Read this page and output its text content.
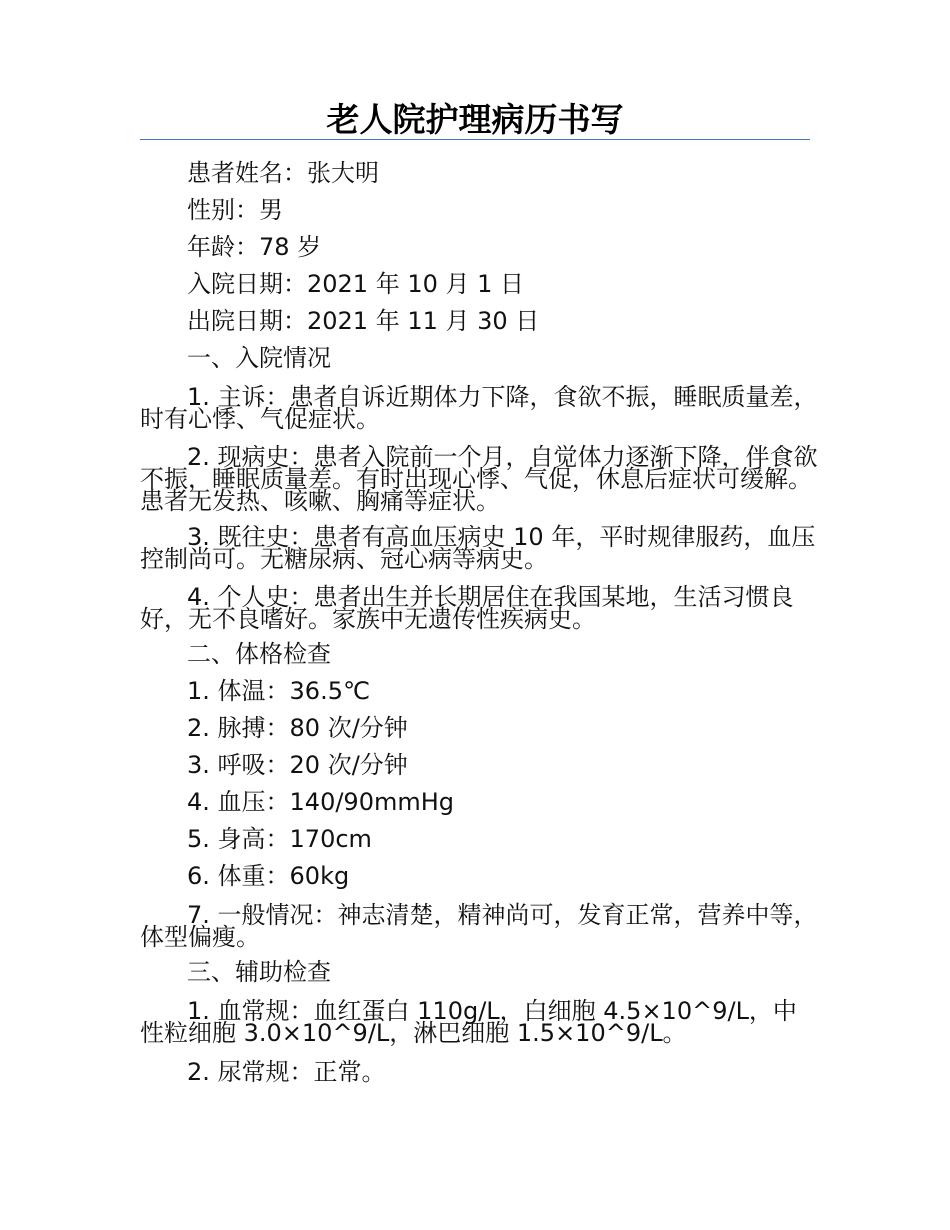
老人院护理病历书写
患者姓名：张大明
性别：男
年龄：78 岁
入院日期：2021 年 10 月 1 日
出院日期：2021 年 11 月 30 日
一、入院情况
1. 主诉：患者自诉近期体力下降，食欲不振，睡眠质量差，时有心悸、气促症状。
2. 现病史：患者入院前一个月，自觉体力逐渐下降，伴食欲不振，睡眠质量差。有时出现心悸、气促，休息后症状可缓解。患者无发热、咳嗽、胸痛等症状。
3. 既往史：患者有高血压病史 10 年，平时规律服药，血压控制尚可。无糖尿病、冠心病等病史。
4. 个人史：患者出生并长期居住在我国某地，生活习惯良好，无不良嗜好。家族中无遗传性疾病史。
二、体格检查
1. 体温：36.5℃
2. 脉搏：80 次/分钟
3. 呼吸：20 次/分钟
4. 血压：140/90mmHg
5. 身高：170cm
6. 体重：60kg
7. 一般情况：神志清楚，精神尚可，发育正常，营养中等，体型偏瘦。
三、辅助检查
1. 血常规：血红蛋白 110g/L，白细胞 4.5×10^9/L，中性粒细胞 3.0×10^9/L，淋巴细胞 1.5×10^9/L。
2. 尿常规：正常。
